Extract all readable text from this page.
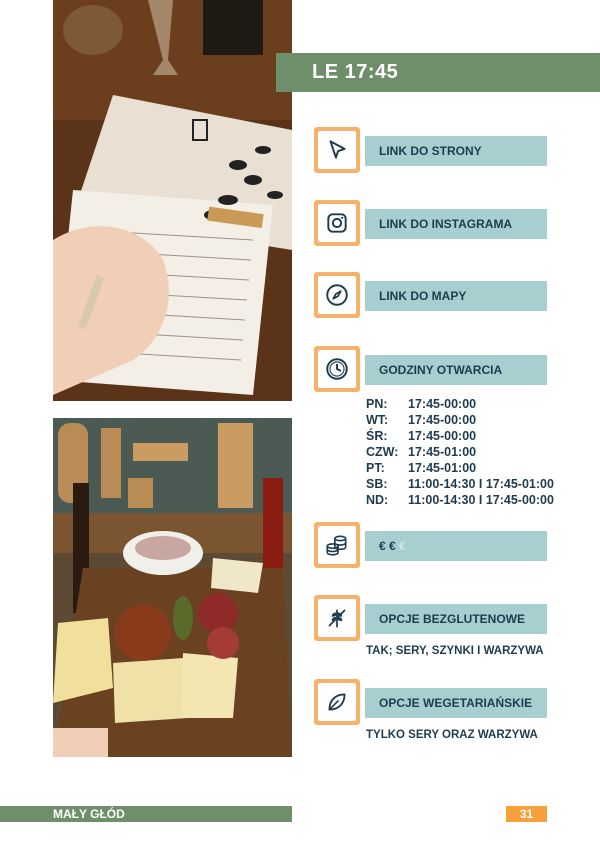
LE 17:45
LINK DO STRONY
LINK DO INSTAGRAMA
LINK DO MAPY
GODZINY OTWARCIA
PN:	17:45-00:00
WT:	17:45-00:00
ŚR:	17:45-00:00
CZW: 17:45-01:00
PT:	17:45-01:00
SB:	11:00-14:30 I 17:45-01:00
ND:	11:00-14:30 I 17:45-00:00
€ € €
OPCJE BEZGLUTENOWE
TAK; SERY, SZYNKI I WARZYWA
OPCJE WEGETARIAŃSKIE
TYLKO SERY ORAZ WARZYWA
MAŁY GŁÓD	31
